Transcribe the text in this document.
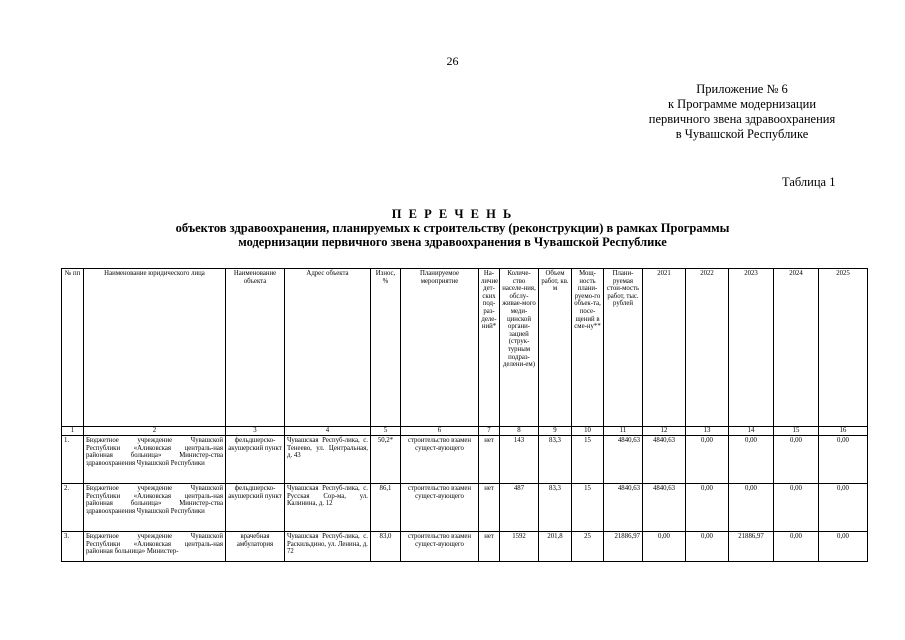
26
Приложение № 6
к Программе модернизации
первичного звена здравоохранения
в Чувашской Республике
Таблица 1
П Е Р Е Ч Е Н Ь
объектов здравоохранения, планируемых к строительству (реконструкции) в рамках Программы
модернизации первичного звена здравоохранения в Чувашской Республике
№ пп	Наименование юридического лица	Наименование объекта	Адрес объекта	Износ, %	Планируемое мероприятие	На-личие дет-ских под-раз-деле-ний*	Количе-ство населе-ния, обслу-живае-мого меди-цинской органи-зацией (струк-турным подраз-делени-ем)	Объем работ, кв. м	Мощ-ность плани-руемо-го объек-та, посе-щений в сме-ну**	Плани-руемая стои-мость работ, тыс. рублей	2021	2022	2023	2024	2025
1	2	3	4	5	6	7	8	9	10	11	12	13	14	15	16
1.	Бюджетное учреждение Чувашской Республики «Аликовская централь-ная районная больница» Министер-ства здравоохранения Чувашской Республики	фельдшерско-акушерский пункт	Чувашская Респуб-лика, с. Тенеево, ул. Центральная, д. 43	50,2*	строительство взамен сущест-вующего	нет	143	83,3	15	4840,63	4840,63	0,00	0,00	0,00	0,00
2.	Бюджетное учреждение Чувашской Республики «Аликовская централь-ная районная больница» Министер-ства здравоохранения Чувашской Республики	фельдшерско-акушерский пункт	Чувашская Респуб-лика, с. Русская Сор-ма, ул. Калинина, д. 12	86,1	строительство взамен сущест-вующего	нет	487	83,3	15	4840,63	4840,63	0,00	0,00	0,00	0,00
3.	Бюджетное учреждение Чувашской Республики «Аликовская централь-ная районная больница» Министер-	врачебная амбулатория	Чувашская Респуб-лика, с. Раскильдино, ул. Ленина, д. 72	83,0	строительство взамен сущест-вующего	нет	1592	201,8	25	21886,97	0,00	0,00	21886,97	0,00	0,00
